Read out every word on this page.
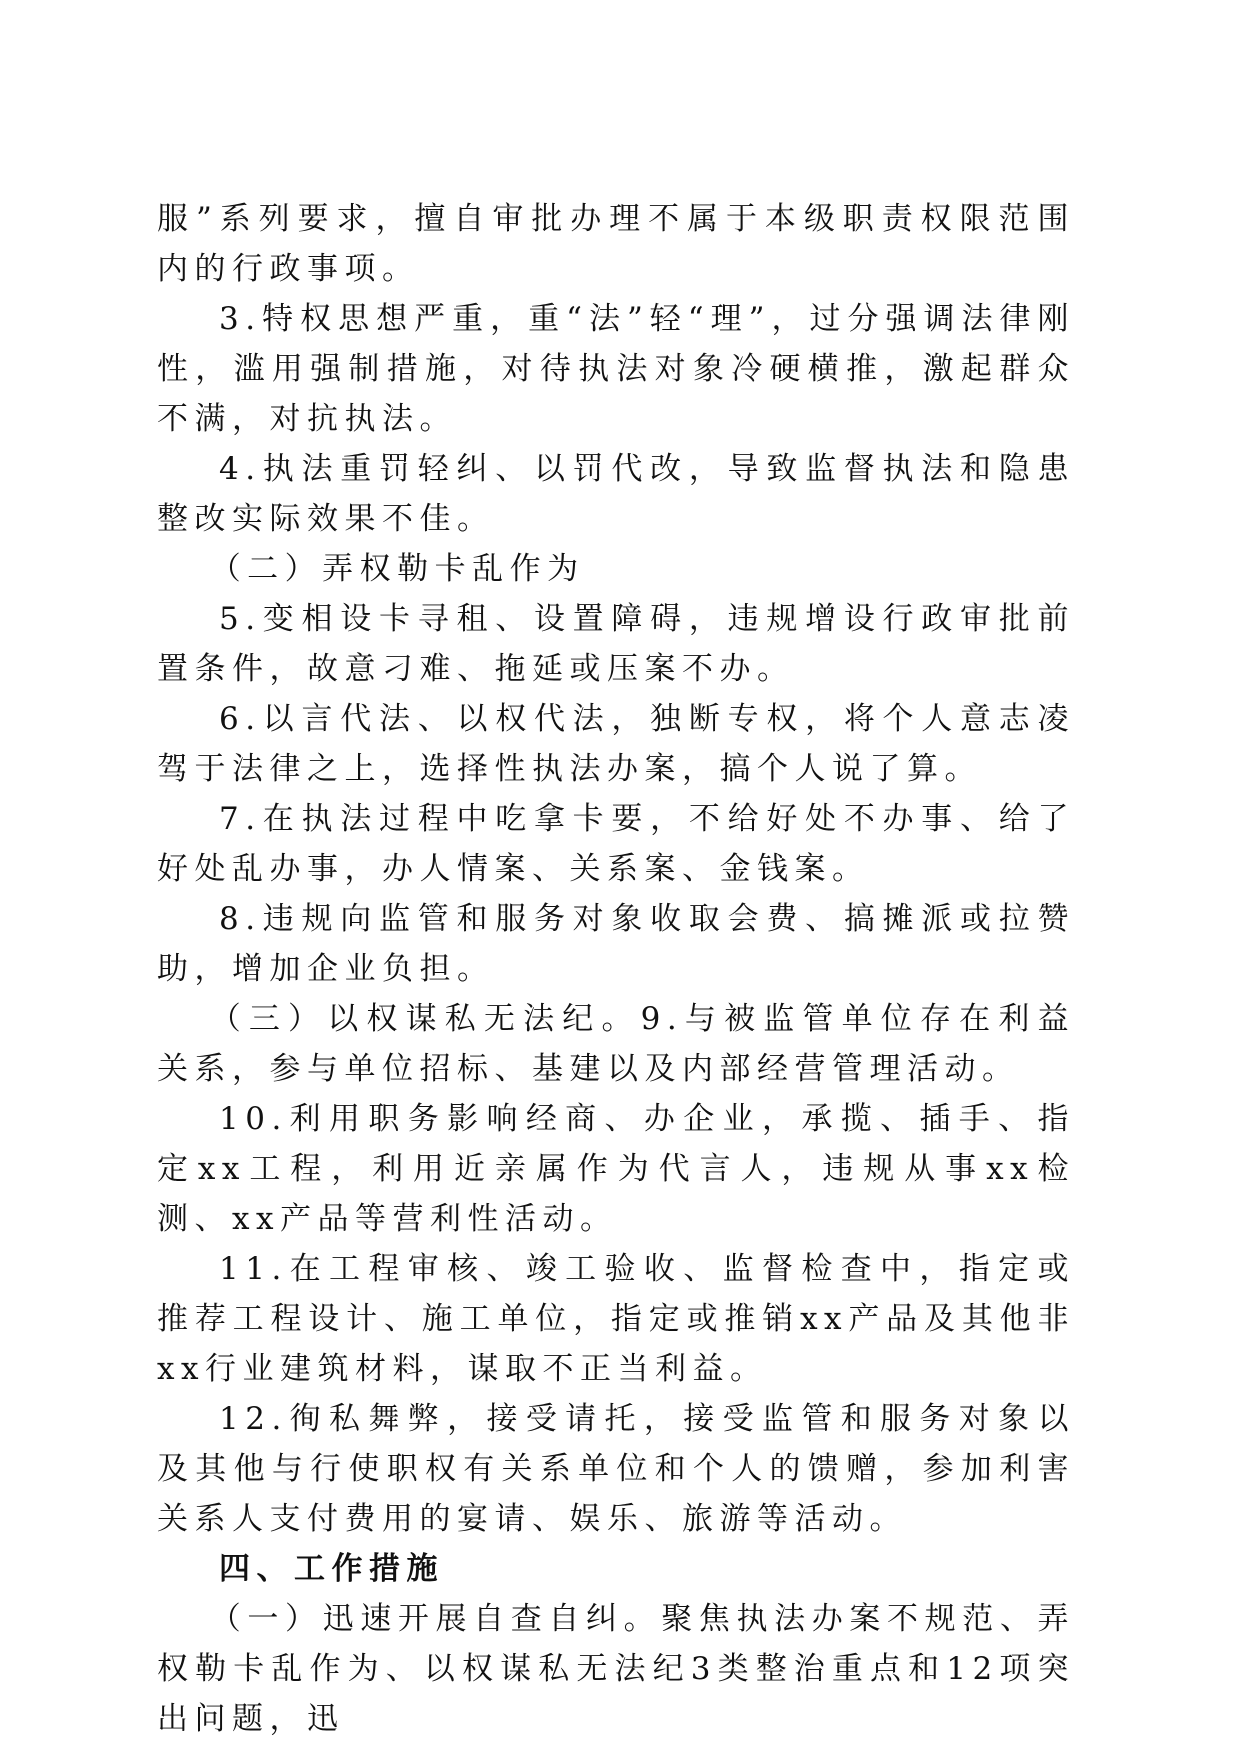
服”系列要求，擅自审批办理不属于本级职责权限范围内的行政事项。

3.特权思想严重，重“法”轻“理”，过分强调法律刚性，滥用强制措施，对待执法对象冷硬横推，激起群众不满，对抗执法。

4.执法重罚轻纠、以罚代改，导致监督执法和隐患整改实际效果不佳。

（二）弄权勒卡乱作为

5.变相设卡寻租、设置障碍，违规增设行政审批前置条件，故意刁难、拖延或压案不办。

6.以言代法、以权代法，独断专权，将个人意志凌驾于法律之上，选择性执法办案，搞个人说了算。

7.在执法过程中吃拿卡要，不给好处不办事、给了好处乱办事，办人情案、关系案、金钱案。

8.违规向监管和服务对象收取会费、搞摊派或拉赞助，增加企业负担。

（三）以权谋私无法纪。9.与被监管单位存在利益关系，参与单位招标、基建以及内部经营管理活动。

10.利用职务影响经商、办企业，承揽、插手、指定xx工程，利用近亲属作为代言人，违规从事xx检测、xx产品等营利性活动。

11.在工程审核、竣工验收、监督检查中，指定或推荐工程设计、施工单位，指定或推销xx产品及其他非xx行业建筑材料，谋取不正当利益。

12.徇私舞弊，接受请托，接受监管和服务对象以及其他与行使职权有关系单位和个人的馈赠，参加利害关系人支付费用的宴请、娱乐、旅游等活动。

四、工作措施

（一）迅速开展自查自纠。聚焦执法办案不规范、弄权勒卡乱作为、以权谋私无法纪3类整治重点和12项突出问题，迅
